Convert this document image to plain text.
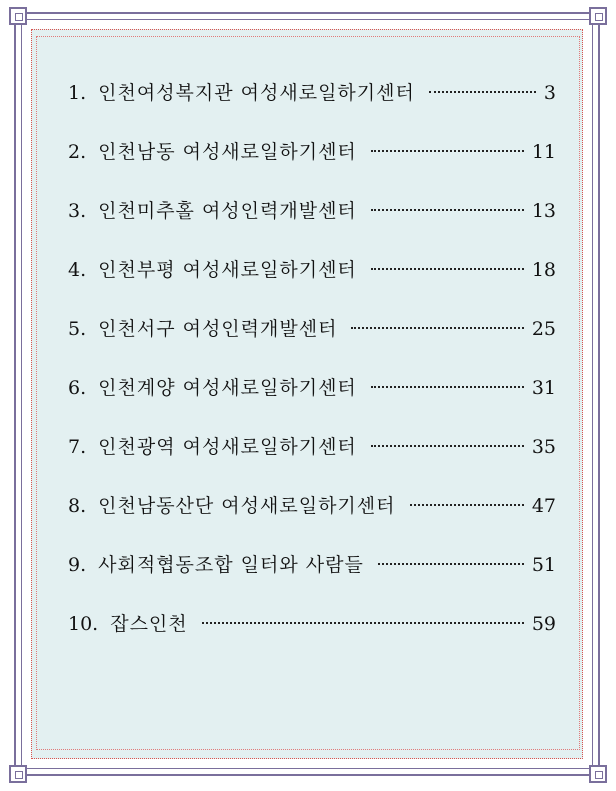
1. 인천여성복지관 여성새로일하기센터	3
2. 인천남동 여성새로일하기센터	11
3. 인천미추홀 여성인력개발센터	13
4. 인천부평 여성새로일하기센터	18
5. 인천서구 여성인력개발센터	25
6. 인천계양 여성새로일하기센터	31
7. 인천광역 여성새로일하기센터	35
8. 인천남동산단 여성새로일하기센터	47
9. 사회적협동조합 일터와 사람들	51
10. 잡스인천	59
